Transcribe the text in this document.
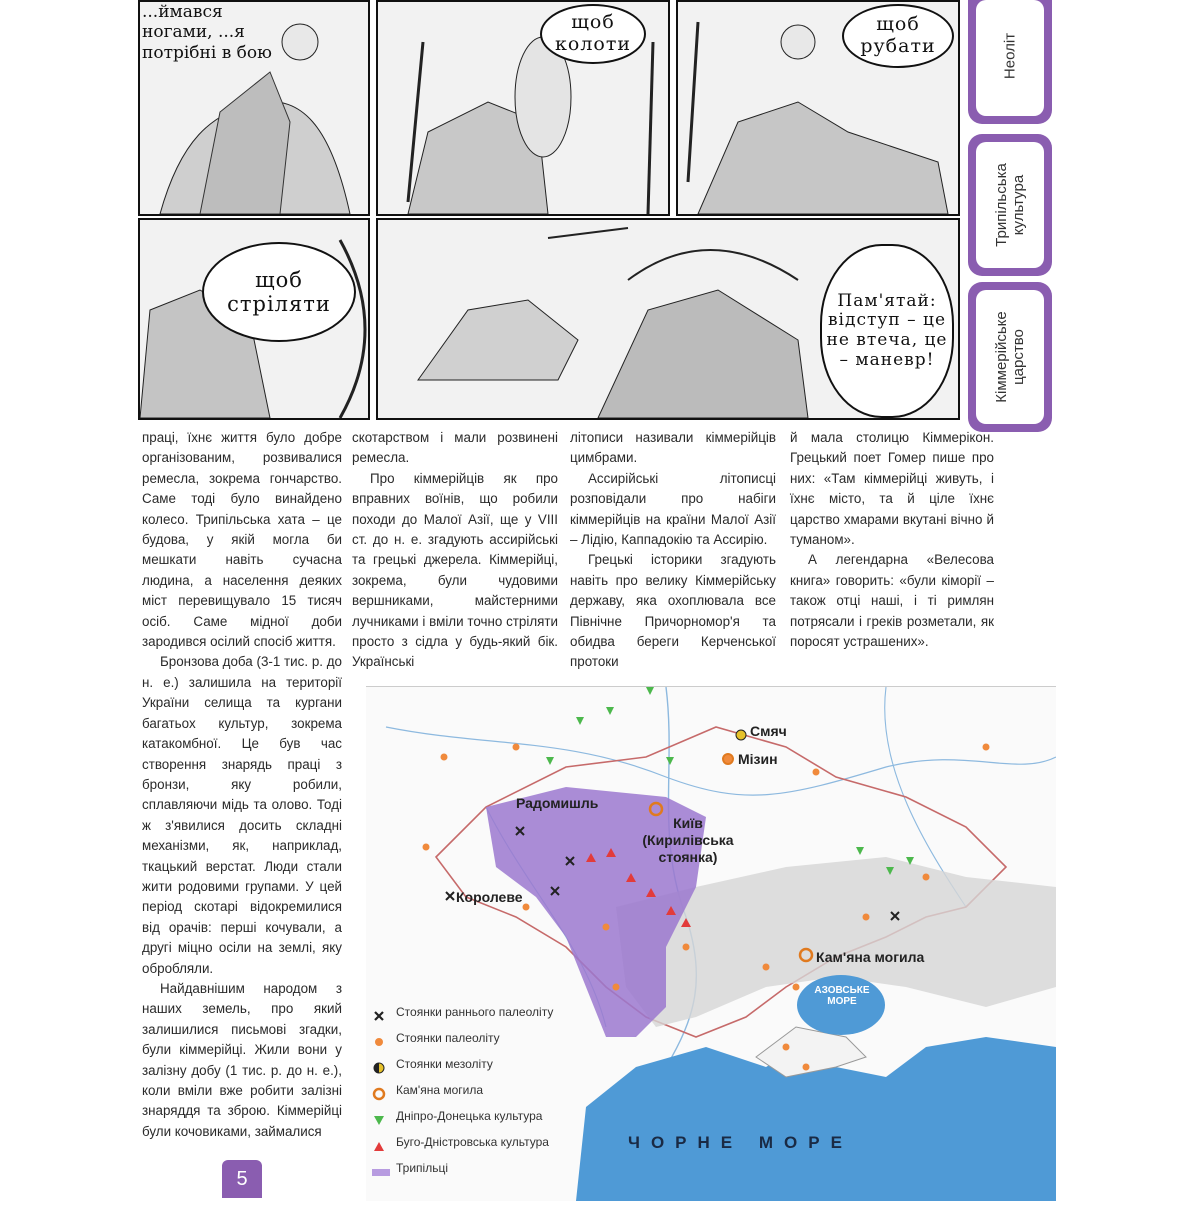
...ймався ногами, ...я потрібні в бою
щоб колоти
щоб рубати
щоб стріляти	Пам'ятай: відступ – це не втеча, це – маневр!
Неоліт
Трипільська культура
Кіммерійське царство

праці, їхнє життя було добре організованим, розвивалися ремесла, зокрема гончарство. Саме тоді було винайдено колесо. Трипільська хата – це будова, у якій могла би мешкати навіть сучасна людина, а населення деяких міст перевищувало 15 тисяч осіб. Саме мідної доби зародився осілий спосіб життя.

Бронзова доба (3-1 тис. р. до н. е.) залишила на території України селища та кургани багатьох культур, зокрема катакомбної. Це був час створення знарядь праці з бронзи, яку робили, сплавляючи мідь та олово. Тоді ж з'явилися досить складні механізми, як, наприклад, ткацький верстат. Люди стали жити родовими групами. У цей період скотарі відокремилися від орачів: перші кочували, а другі міцно осіли на землі, яку обробляли.

Найдавнішим народом з наших земель, про який залишилися письмові згадки, були кіммерійці. Жили вони у залізну добу (1 тис. р. до н. е.), коли вміли вже робити залізні знаряддя та зброю. Кіммерійці були кочовиками, займалися

скотарством і мали розвинені ремесла.

Про кіммерійців як про вправних воїнів, що робили походи до Малої Азії, ще у VIII ст. до н. е. згадують ассирійські та грецькі джерела. Кіммерійці, зокрема, були чудовими вершниками, майстерними лучниками і вміли точно стріляти просто з сідла у будь-який бік. Українські

літописи називали кіммерійців цимбрами.

Ассирійські літописці розповідали про набіги кіммерійців на країни Малої Азії – Лідію, Каппадокію та Ассирію.

Грецькі історики згадують навіть про велику Кіммерійську державу, яка охоплювала все Північне Причорномор'я та обидва береги Керченської протоки

й мала столицю Кіммерікон. Грецький поет Гомер пише про них: «Там кіммерійці живуть, і їхнє місто, та й ціле їхнє царство хмарами вкутані вічно й туманом».

А легендарна «Велесова книга» говорить: «були кіморії – також отці наші, і ті римлян потрясали і греків розметали, як поросят устрашених».

Смяч
Мізин
Радомишль
Київ (Кирилівська стоянка)
Королеве
Кам'яна могила
АЗОВСЬКЕ МОРЕ
ЧОРНЕ МОРЕ
Стоянки раннього палеоліту
Стоянки палеоліту
Стоянки мезоліту
Кам'яна могила
Дніпро-Донецька культура
Буго-Дністровська культура
Трипільці
5
